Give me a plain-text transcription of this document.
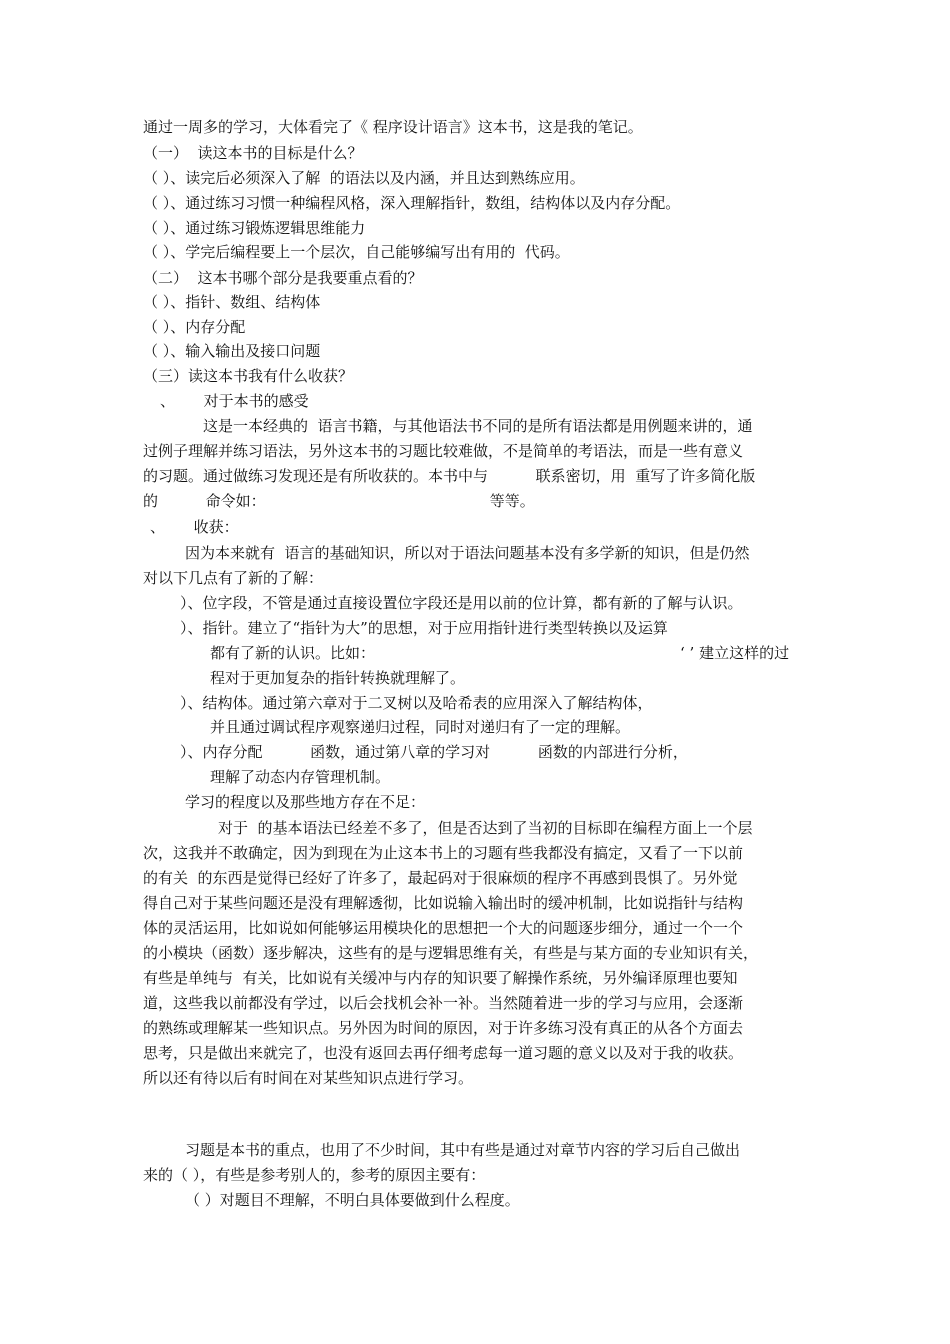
通过一周多的学习，大体看完了《 程序设计语言》这本书，这是我的笔记。
（一）  读这本书的目标是什么？
（ ）、读完后必须深入了解  的语法以及内涵，并且达到熟练应用。
（ ）、通过练习习惯一种编程风格，深入理解指针，数组，结构体以及内存分配。
（ ）、通过练习锻炼逻辑思维能力
（ ）、学完后编程要上一个层次，自己能够编写出有用的  代码。
（二）  这本书哪个部分是我要重点看的？
（ ）、指针、数组、结构体
（ ）、内存分配
（ ）、输入输出及接口问题
（三）读这本书我有什么收获？
、      对于本书的感受
这是一本经典的  语言书籍，与其他语法书不同的是所有语法都是用例题来讲的，通
过例子理解并练习语法，另外这本书的习题比较难做，不是简单的考语法，而是一些有意义
的习题。通过做练习发现还是有所收获的。本书中与          联系密切，用  重写了许多简化版
的          命令如：                                               等等。
、      收获：
因为本来就有  语言的基础知识，所以对于语法问题基本没有多学新的知识，但是仍然
对以下几点有了新的了解：
）、位字段，不管是通过直接设置位字段还是用以前的位计算，都有新的了解与认识。
）、指针。建立了“指针为大”的思想，对于应用指针进行类型转换以及运算
都有了新的认识。比如：	‘ ’ 建立这样的过
程对于更加复杂的指针转换就理解了。
）、结构体。通过第六章对于二叉树以及哈希表的应用深入了解结构体，
并且通过调试程序观察递归过程，同时对递归有了一定的理解。
）、内存分配          函数，通过第八章的学习对          函数的内部进行分析，
理解了动态内存管理机制。
学习的程度以及那些地方存在不足：
对于  的基本语法已经差不多了，但是否达到了当初的目标即在编程方面上一个层
次，这我并不敢确定，因为到现在为止这本书上的习题有些我都没有搞定，又看了一下以前
的有关  的东西是觉得已经好了许多了，最起码对于很麻烦的程序不再感到畏惧了。另外觉
得自己对于某些问题还是没有理解透彻，比如说输入输出时的缓冲机制，比如说指针与结构
体的灵活运用，比如说如何能够运用模块化的思想把一个大的问题逐步细分，通过一个一个
的小模块（函数）逐步解决，这些有的是与逻辑思维有关，有些是与某方面的专业知识有关，
有些是单纯与  有关，比如说有关缓冲与内存的知识要了解操作系统，另外编译原理也要知
道，这些我以前都没有学过，以后会找机会补一补。当然随着进一步的学习与应用，会逐渐
的熟练或理解某一些知识点。另外因为时间的原因，对于许多练习没有真正的从各个方面去
思考，只是做出来就完了，也没有返回去再仔细考虑每一道习题的意义以及对于我的收获。
所以还有待以后有时间在对某些知识点进行学习。
习题是本书的重点，也用了不少时间，其中有些是通过对章节内容的学习后自己做出
来的（ ），有些是参考别人的，参考的原因主要有：
（ ）对题目不理解，不明白具体要做到什么程度。
